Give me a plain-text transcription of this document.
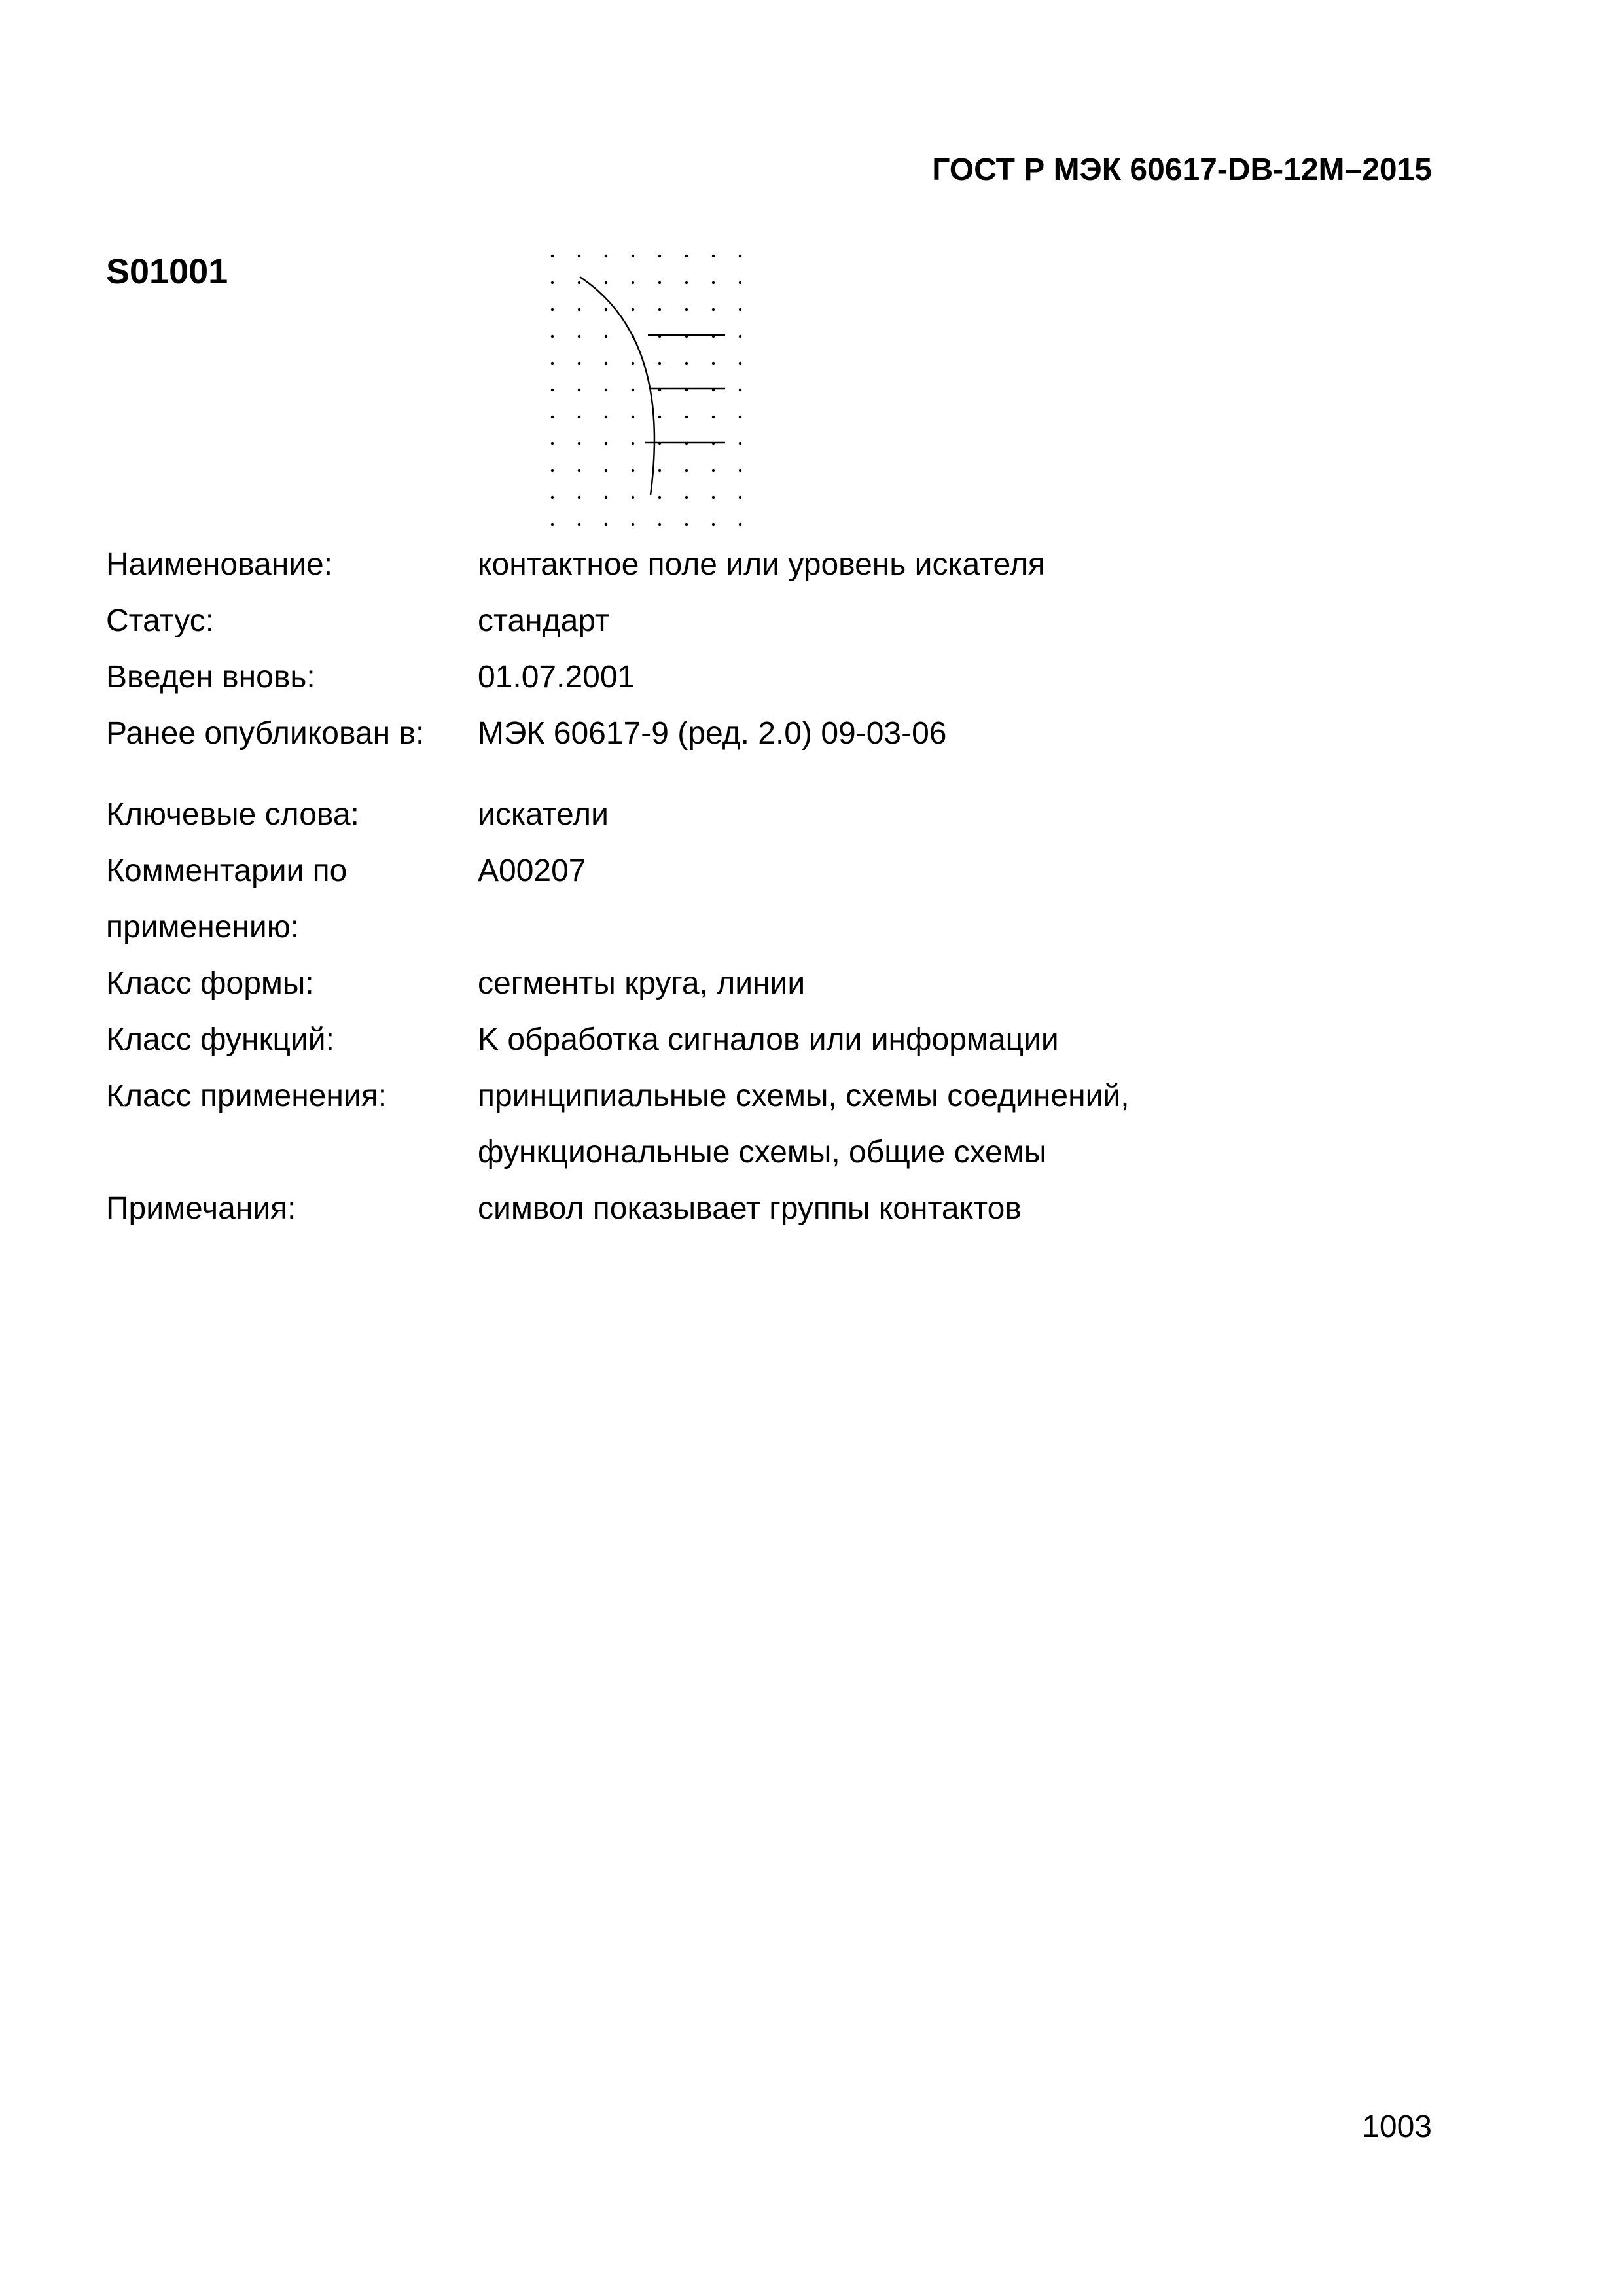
ГОСТ Р МЭК 60617-DB-12M–2015

S01001

Наименование:	контактное поле или уровень искателя
Статус:	стандарт
Введен вновь:	01.07.2001
Ранее опубликован в:	МЭК 60617-9 (ред. 2.0) 09-03-06
Ключевые слова:	искатели
Комментарии по	A00207
применению:
Класс формы:	сегменты круга, линии
Класс функций:	K обработка сигналов или информации
Класс применения:	принципиальные схемы, схемы соединений,
функциональные схемы, общие схемы
Примечания:	символ показывает группы контактов

1003
